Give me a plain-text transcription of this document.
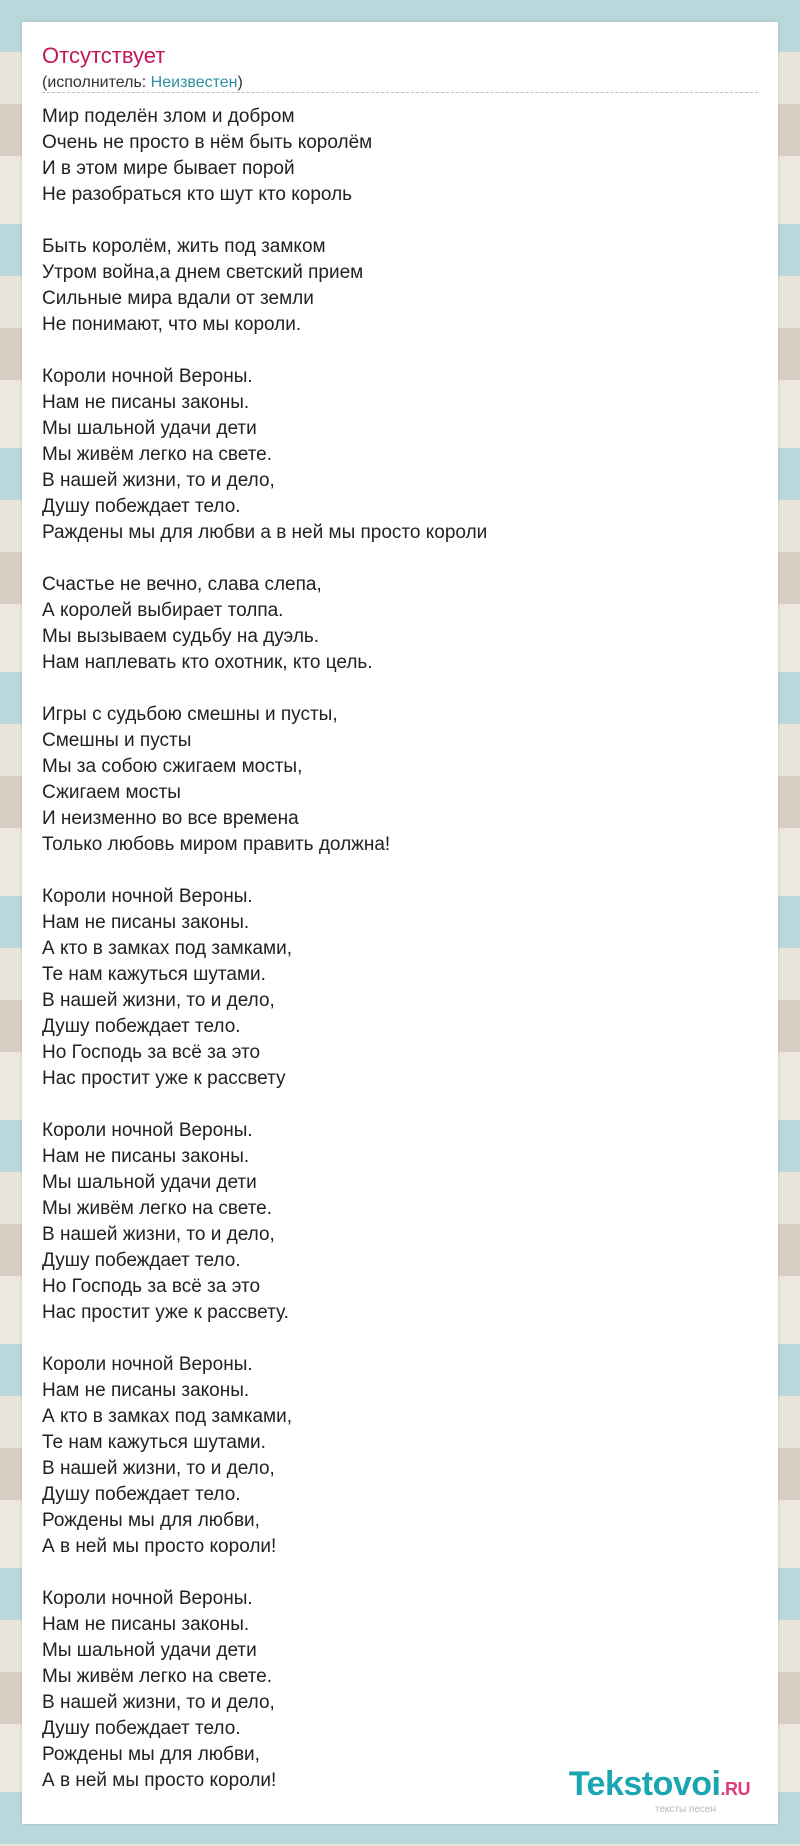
Отсутствует
(исполнитель: Неизвестен)
Мир поделён злом и добром
Очень не просто в нём быть королём
И в этом мире бывает порой
Не разобраться кто шут кто король
Быть королём, жить под замком
Утром война,а днем светский прием
Сильные мира вдали от земли
Не понимают, что мы короли.
Короли ночной Вероны.
Нам не писаны законы.
Мы шальной удачи дети
Мы живём легко на свете.
В нашей жизни, то и дело,
Душу побеждает тело.
Раждены мы для любви а в ней мы просто короли
Счастье не вечно, слава слепа,
А королей выбирает толпа.
Мы вызываем судьбу на дуэль.
Нам наплевать кто охотник, кто цель.
Игры с судьбою смешны и пусты,
Смешны и пусты
Мы за собою сжигаем мосты,
Сжигаем мосты
И неизменно во все времена
Только любовь миром править должна!
Короли ночной Вероны.
Нам не писаны законы.
А кто в замках под замками,
Те нам кажуться шутами.
В нашей жизни, то и дело,
Душу побеждает тело.
Но Господь за всё за это
Нас простит уже к рассвету
Короли ночной Вероны.
Нам не писаны законы.
Мы шальной удачи дети
Мы живём легко на свете.
В нашей жизни, то и дело,
Душу побеждает тело.
Но Господь за всё за это
Нас простит уже к рассвету.
Короли ночной Вероны.
Нам не писаны законы.
А кто в замках под замками,
Те нам кажуться шутами.
В нашей жизни, то и дело,
Душу побеждает тело.
Рождены мы для любви,
А в ней мы просто короли!
Короли ночной Вероны.
Нам не писаны законы.
Мы шальной удачи дети
Мы живём легко на свете.
В нашей жизни, то и дело,
Душу побеждает тело.
Рождены мы для любви,
А в ней мы просто короли!	Tekstovoi.RU
тексты песен
